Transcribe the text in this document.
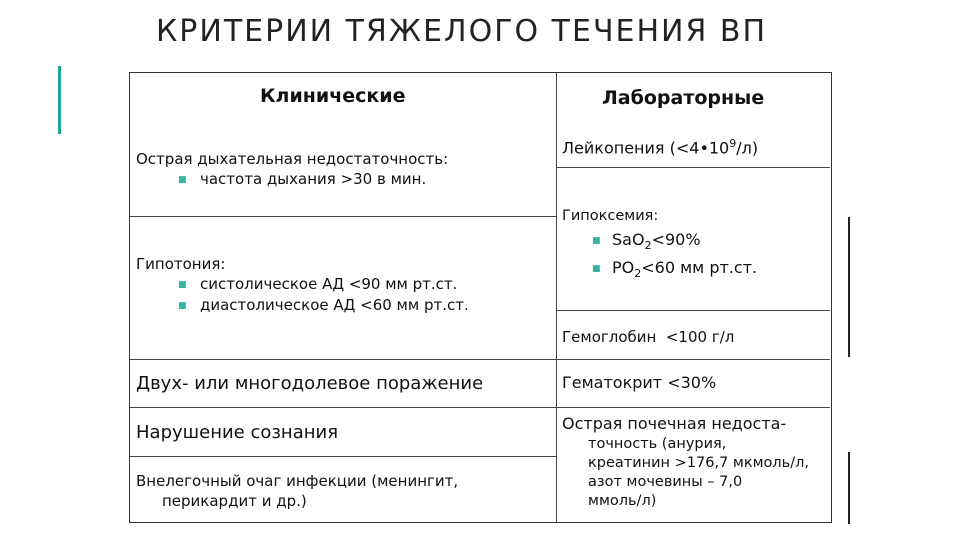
КРИТЕРИИ ТЯЖЕЛОГО ТЕЧЕНИЯ ВП
Клинические	Лабораторные
Острая дыхательная недостаточность:
■ частота дыхания >30 в мин.
Гипотония:
■ систолическое АД <90 мм рт.ст.
■ диастолическое АД <60 мм рт.ст.
Двух- или многодолевое поражение
Нарушение сознания
Внелегочный очаг инфекции (менингит,
перикардит и др.)
Лейкопения $(<4•10^9/л)$
Гипоксемия:
■ SaO$_2$<90%
■ $PO_2<60$ мм рт.ст.
Гемоглобин  <100 г/л
Гематокрит <30%
Острая почечная недоста-
точность (анурия,
креатинин >176,7 мкмоль/л,
азот мочевины – 7,0
ммоль/л)
